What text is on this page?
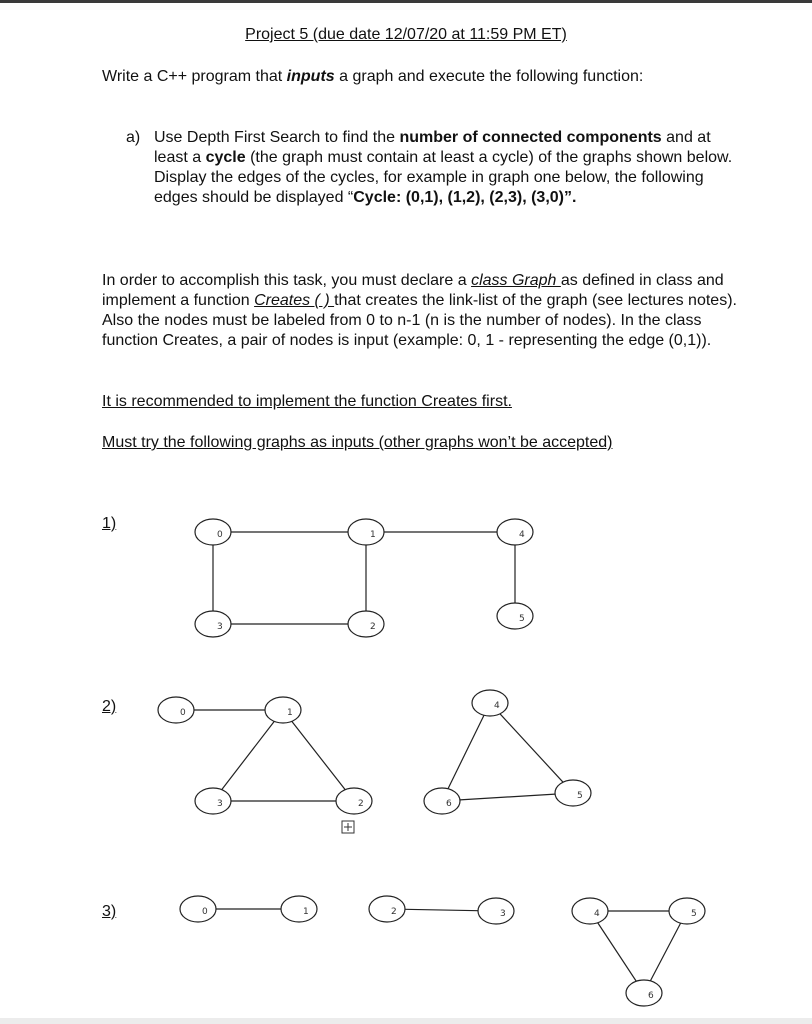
Project 5 (due date 12/07/20 at 11:59 PM ET)
Write a C++ program that inputs a graph and execute the following function:
a) Use Depth First Search to find the number of connected components and at least a cycle (the graph must contain at least a cycle) of the graphs shown below. Display the edges of the cycles, for example in graph one below, the following edges should be displayed “Cycle: (0,1), (1,2), (2,3), (3,0)”.
In order to accomplish this task, you must declare a class Graph as defined in class and implement a function Creates ( ) that creates the link-list of the graph (see lectures notes). Also the nodes must be labeled from 0 to n-1 (n is the number of nodes). In the class function Creates, a pair of nodes is input (example: 0, 1 - representing the edge (0,1)).
It is recommended to implement the function Creates first.
Must try the following graphs as inputs (other graphs won’t be accepted)
1)
2)
3)
0	1	4
3	2
5
0	1
3	2
4
6
5
0	1	2	3	4	5
6
